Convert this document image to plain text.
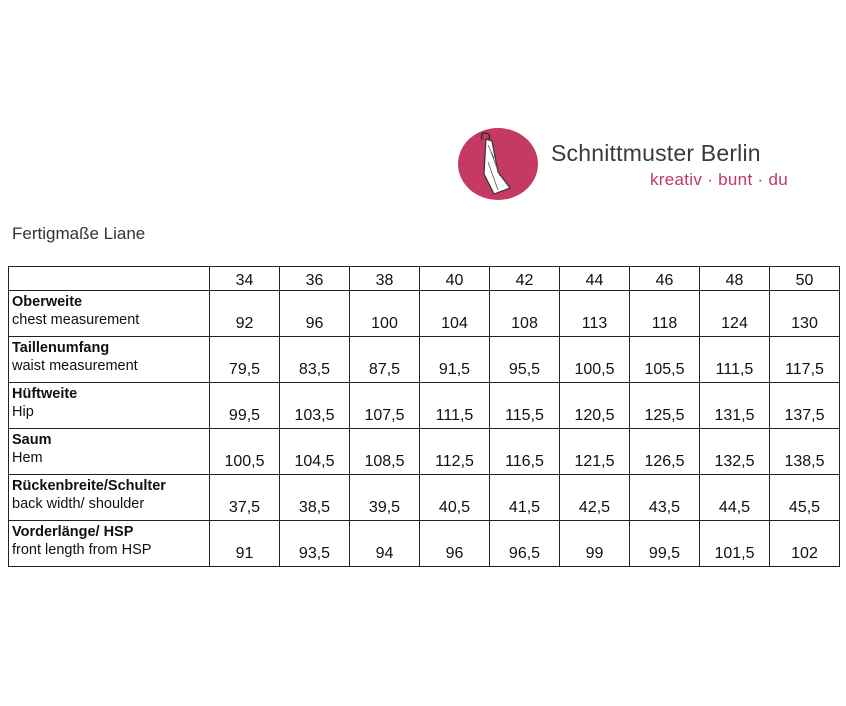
Schnittmuster Berlin
kreativ · bunt · du
Fertigmaße Liane
	34	36	38	40	42	44	46	48	50

Oberweite
chest measurement	92	96	100	104	108	113	118	124	130

Taillenumfang
waist measurement	79,5	83,5	87,5	91,5	95,5	100,5	105,5	111,5	117,5

Hüftweite
Hip	99,5	103,5	107,5	111,5	115,5	120,5	125,5	131,5	137,5

Saum
Hem	100,5	104,5	108,5	112,5	116,5	121,5	126,5	132,5	138,5

Rückenbreite/Schulter
back width/ shoulder	37,5	38,5	39,5	40,5	41,5	42,5	43,5	44,5	45,5

Vorderlänge/ HSP
front length from HSP	91	93,5	94	96	96,5	99	99,5	101,5	102
